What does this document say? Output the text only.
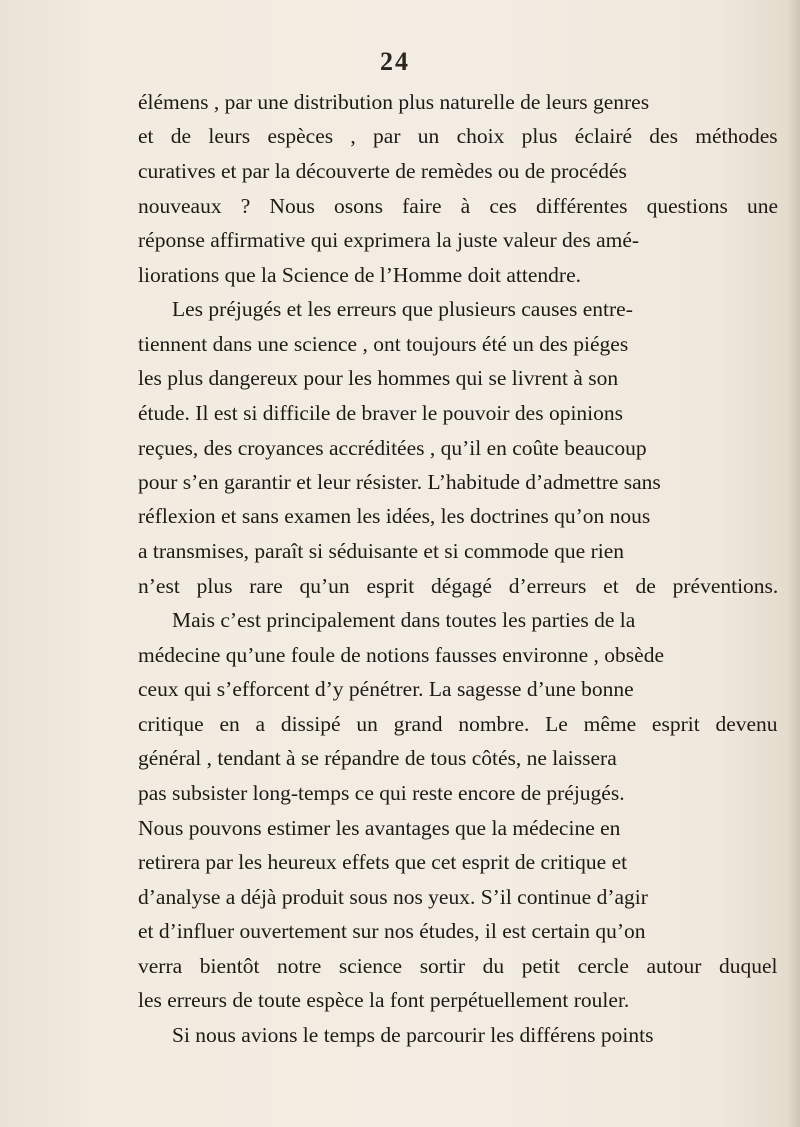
24
élémens , par une distribution plus naturelle de leurs genres
et de leurs espèces , par un choix plus éclairé des méthodes
curatives et par la découverte de remèdes ou de procédés
nouveaux ? Nous osons faire à ces différentes questions une
réponse affirmative qui exprimera la juste valeur des amé-
liorations que la Science de l’Homme doit attendre.
Les préjugés et les erreurs que plusieurs causes entre-
tiennent dans une science , ont toujours été un des piéges
les plus dangereux pour les hommes qui se livrent à son
étude. Il est si difficile de braver le pouvoir des opinions
reçues, des croyances accréditées , qu’il en coûte beaucoup
pour s’en garantir et leur résister. L’habitude d’admettre sans
réflexion et sans examen les idées, les doctrines qu’on nous
a transmises, paraît si séduisante et si commode que rien
n’est plus rare qu’un esprit dégagé d’erreurs et de préventions.
Mais c’est principalement dans toutes les parties de la
médecine qu’une foule de notions fausses environne , obsède
ceux qui s’efforcent d’y pénétrer. La sagesse d’une bonne
critique en a dissipé un grand nombre. Le même esprit devenu
général , tendant à se répandre de tous côtés, ne laissera
pas subsister long-temps ce qui reste encore de préjugés.
Nous pouvons estimer les avantages que la médecine en
retirera par les heureux effets que cet esprit de critique et
d’analyse a déjà produit sous nos yeux. S’il continue d’agir
et d’influer ouvertement sur nos études, il est certain qu’on
verra bientôt notre science sortir du petit cercle autour duquel
les erreurs de toute espèce la font perpétuellement rouler.
Si nous avions le temps de parcourir les différens points
